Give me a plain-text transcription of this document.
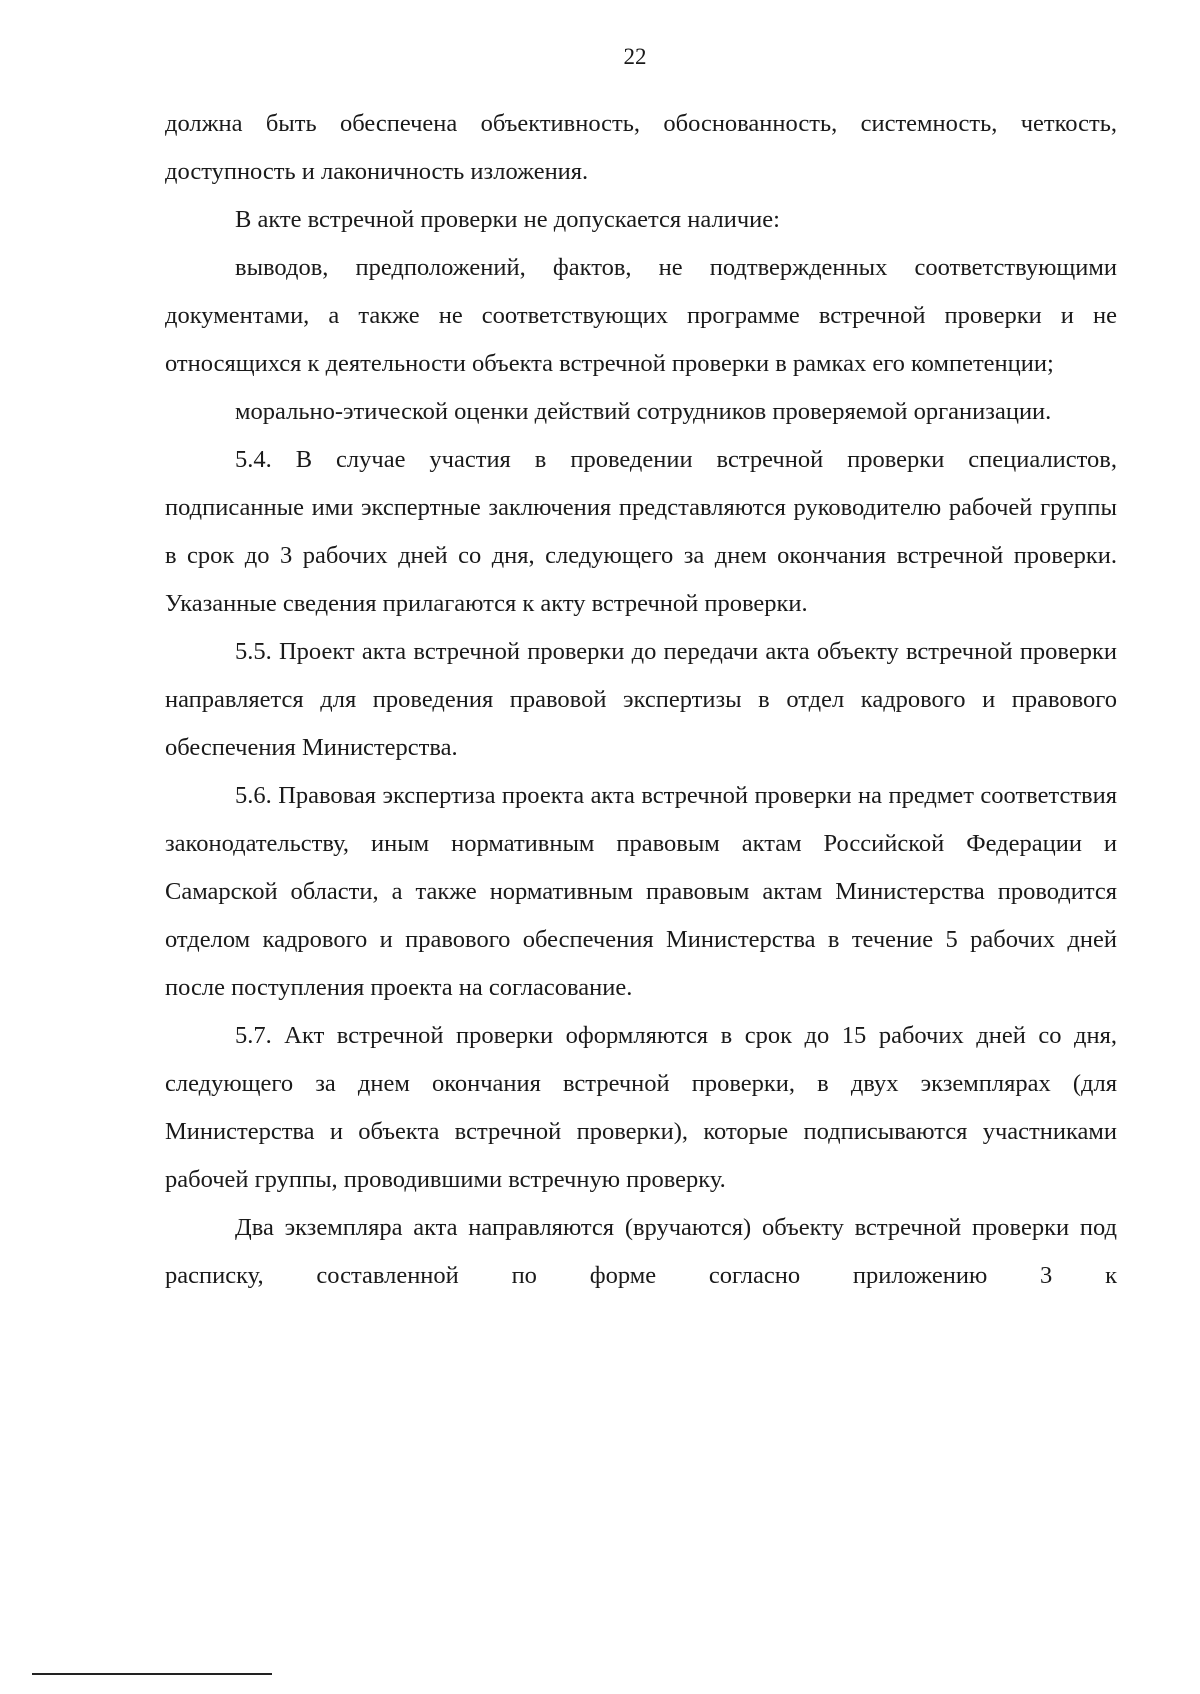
22

должна быть обеспечена объективность, обоснованность, системность, четкость, доступность и лаконичность изложения.

В акте встречной проверки не допускается наличие:

выводов, предположений, фактов, не подтвержденных соответствующими документами, а также не соответствующих программе встречной проверки и не относящихся к деятельности объекта встречной проверки в рамках его компетенции;

морально-этической оценки действий сотрудников проверяемой организации.

5.4. В случае участия в проведении встречной проверки специалистов, подписанные ими экспертные заключения представляются руководителю рабочей группы в срок до 3 рабочих дней со дня, следующего за днем окончания встречной проверки. Указанные сведения прилагаются к акту встречной проверки.

5.5. Проект акта встречной проверки до передачи акта объекту встречной проверки направляется для проведения правовой экспертизы в отдел кадрового и правового обеспечения Министерства.

5.6. Правовая экспертиза проекта акта встречной проверки на предмет соответствия законодательству, иным нормативным правовым актам Российской Федерации и Самарской области, а также нормативным правовым актам Министерства проводится отделом кадрового и правового обеспечения Министерства в течение 5 рабочих дней после поступления проекта на согласование.

5.7. Акт встречной проверки оформляются в срок до 15 рабочих дней со дня, следующего за днем окончания встречной проверки, в двух экземплярах (для Министерства и объекта встречной проверки), которые подписываются участниками рабочей группы, проводившими встречную проверку.

Два экземпляра акта направляются (вручаются) объекту встречной проверки под расписку, составленной по форме согласно приложению 3 к
